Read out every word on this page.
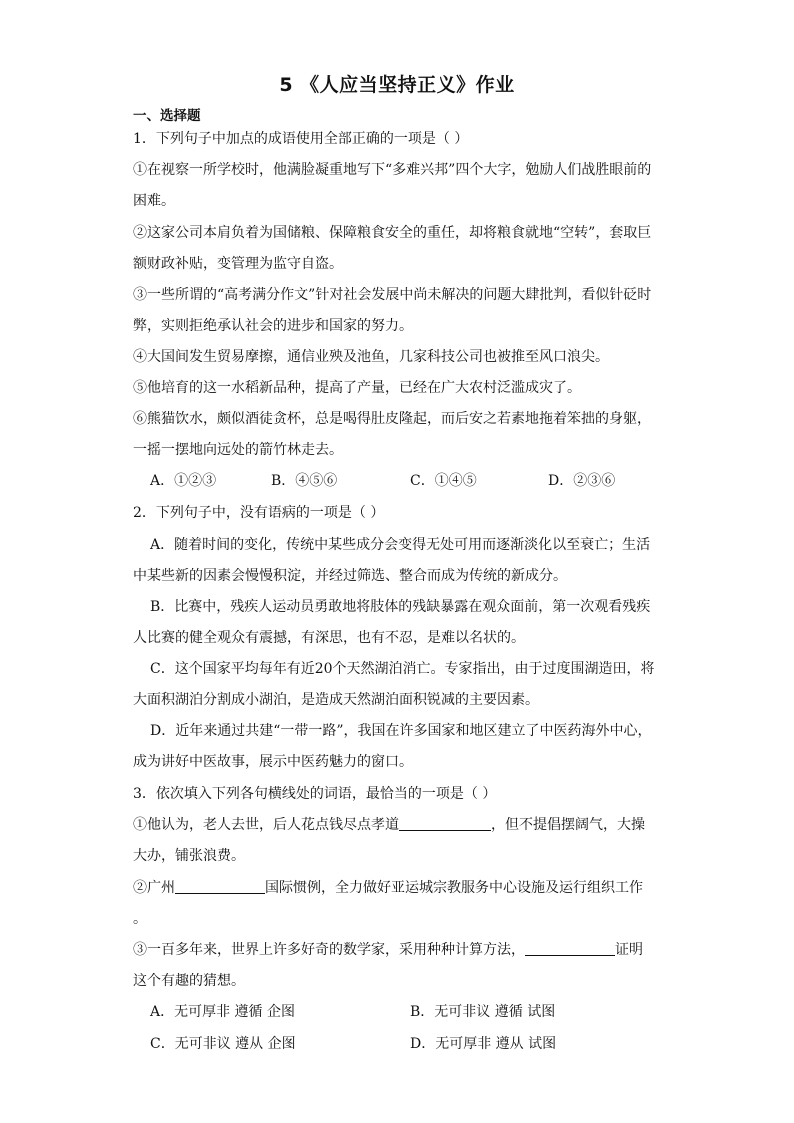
5 《人应当坚持正义》作业
一、选择题
1．下列句子中加点的成语使用全部正确的一项是（ ）
①在视察一所学校时，他满脸凝重地写下“多难兴邦”四个大字，勉励人们战胜眼前的
困难。
②这家公司本肩负着为国储粮、保障粮食安全的重任，却将粮食就地“空转”，套取巨
额财政补贴，变管理为监守自盗。
③一些所谓的“高考满分作文”针对社会发展中尚未解决的问题大肆批判，看似针砭时
弊，实则拒绝承认社会的进步和国家的努力。
④大国间发生贸易摩擦，通信业殃及池鱼，几家科技公司也被推至风口浪尖。
⑤他培育的这一水稻新品种，提高了产量，已经在广大农村泛滥成灾了。
⑥熊猫饮水，颇似酒徒贪杯，总是喝得肚皮隆起，而后安之若素地拖着笨拙的身躯，
一摇一摆地向远处的箭竹林走去。
A．①②③	B．④⑤⑥	C．①④⑤	D．②③⑥
2．下列句子中，没有语病的一项是（ ）
A．随着时间的变化，传统中某些成分会变得无处可用而逐渐淡化以至衰亡；生活
中某些新的因素会慢慢积淀，并经过筛选、整合而成为传统的新成分。
B．比赛中，残疾人运动员勇敢地将肢体的残缺暴露在观众面前，第一次观看残疾
人比赛的健全观众有震撼，有深思，也有不忍，是难以名状的。
C．这个国家平均每年有近20个天然湖泊消亡。专家指出，由于过度围湖造田，将
大面积湖泊分割成小湖泊，是造成天然湖泊面积锐减的主要因素。
D．近年来通过共建“一带一路”，我国在许多国家和地区建立了中医药海外中心，
成为讲好中医故事，展示中医药魅力的窗口。
3．依次填入下列各句横线处的词语，最恰当的一项是（ ）
①他认为，老人去世，后人花点钱尽点孝道	，但不提倡摆阔气，大操
大办，铺张浪费。
②广州	国际惯例，全力做好亚运城宗教服务中心设施及运行组织工作
。
③一百多年来，世界上许多好奇的数学家，采用种种计算方法，	证明
这个有趣的猜想。
A．无可厚非 遵循 企图	B．无可非议 遵循 试图
C．无可非议 遵从 企图	D．无可厚非 遵从 试图
